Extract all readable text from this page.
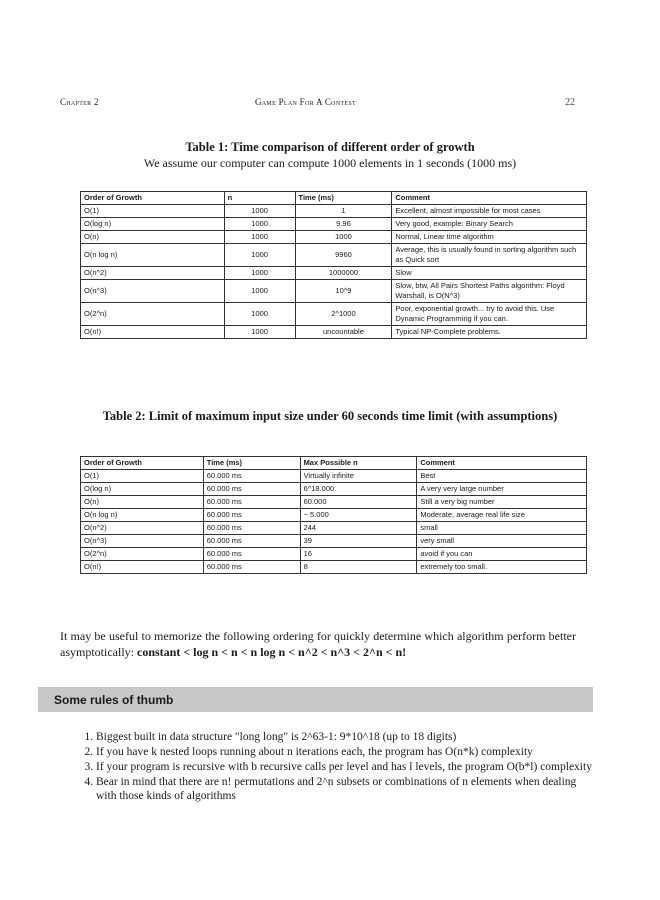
Chapter 2	Game Plan For A Contest	22
Table 1: Time comparison of different order of growth
We assume our computer can compute 1000 elements in 1 seconds (1000 ms)
Order of Growth	n	Time (ms)	Comment
O(1)	1000	1	Excellent, almost impossible for most cases
O(log n)	1000	9.96	Very good, example: Binary Search
O(n)	1000	1000	Normal, Linear time algorithm
O(n log n)	1000	9960	Average, this is usually found in sorting algorithm such as Quick sort
O(n^2)	1000	1000000	Slow
O(n^3)	1000	10^9	Slow, btw, All Pairs Shortest Paths algorithm: Floyd Warshall, is O(N^3)
O(2^n)	1000	2^1000	Poor, exponential growth... try to avoid this. Use Dynamic Programming if you can.
O(n!)	1000	uncountable	Typical NP-Complete problems.
Table 2: Limit of maximum input size under 60 seconds time limit (with assumptions)
Order of Growth	Time (ms)	Max Possible n	Comment
O(1)	60.000 ms	Virtually infinite	Best
O(log n)	60.000 ms	6^18.000	A very very large number
O(n)	60.000 ms	60.000	Still a very big number
O(n log n)	60.000 ms	~ 5.000	Moderate, average real life size
O(n^2)	60.000 ms	244	small
O(n^3)	60.000 ms	39	very small
O(2^n)	60.000 ms	16	avoid if you can
O(n!)	60.000 ms	8	extremely too small.

It may be useful to memorize the following ordering for quickly determine which algorithm perform better asymptotically: constant < log n < n < n log n < n^2 < n^3 < 2^n < n!

Some rules of thumb
1. Biggest built in data structure "long long" is 2^63-1: 9*10^18 (up to 18 digits)
2. If you have k nested loops running about n iterations each, the program has O(n*k) complexity
3. If your program is recursive with b recursive calls per level and has l levels, the program O(b*l) complexity
4. Bear in mind that there are n! permutations and 2^n subsets or combinations of n elements when dealing with those kinds of algorithms
